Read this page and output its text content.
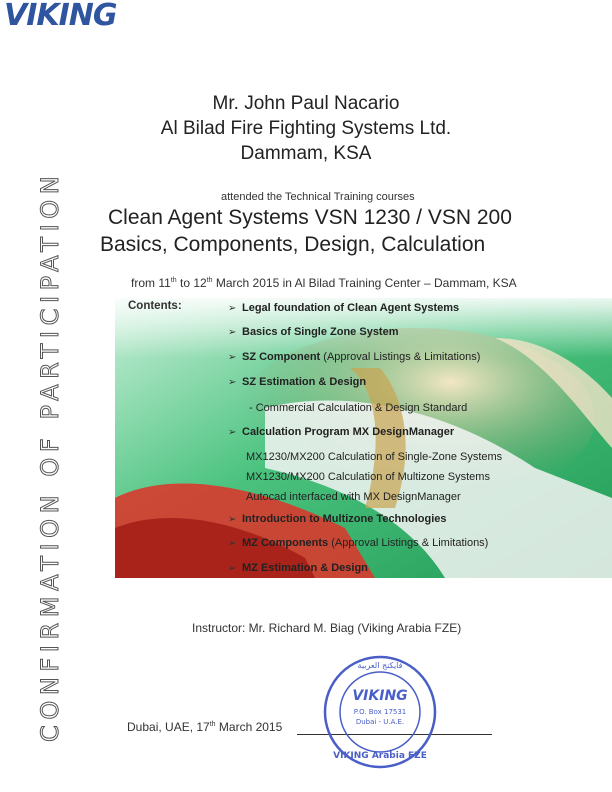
VIKING
CONFIRMATION OF PARTICIPATION
Mr. John Paul Nacario
Al Bilad Fire Fighting Systems Ltd.
Dammam, KSA
attended the Technical Training courses
Clean Agent Systems VSN 1230 / VSN 200
Basics, Components, Design, Calculation
from 11th to 12th March 2015 in Al Bilad Training Center – Dammam, KSA
Contents:	➢ Legal foundation of Clean Agent Systems
➢ Basics of Single Zone System
➢ SZ Component (Approval Listings & Limitations)
➢ SZ Estimation & Design
- Commercial Calculation & Design Standard
➢ Calculation Program MX DesignManager
MX1230/MX200 Calculation of Single-Zone Systems
MX1230/MX200 Calculation of Multizone Systems
Autocad interfaced with MX DesignManager
➢ Introduction to Multizone Technologies
➢ MZ Components (Approval Listings & Limitations)
➢ MZ Estimation & Design
Instructor: Mr. Richard M. Biag (Viking Arabia FZE)
Dubai, UAE, 17th March 2015
فايكنج العربية
VIKING
P.O. Box 17531
Dubai - U.A.E.
VIKING Arabia FZE
